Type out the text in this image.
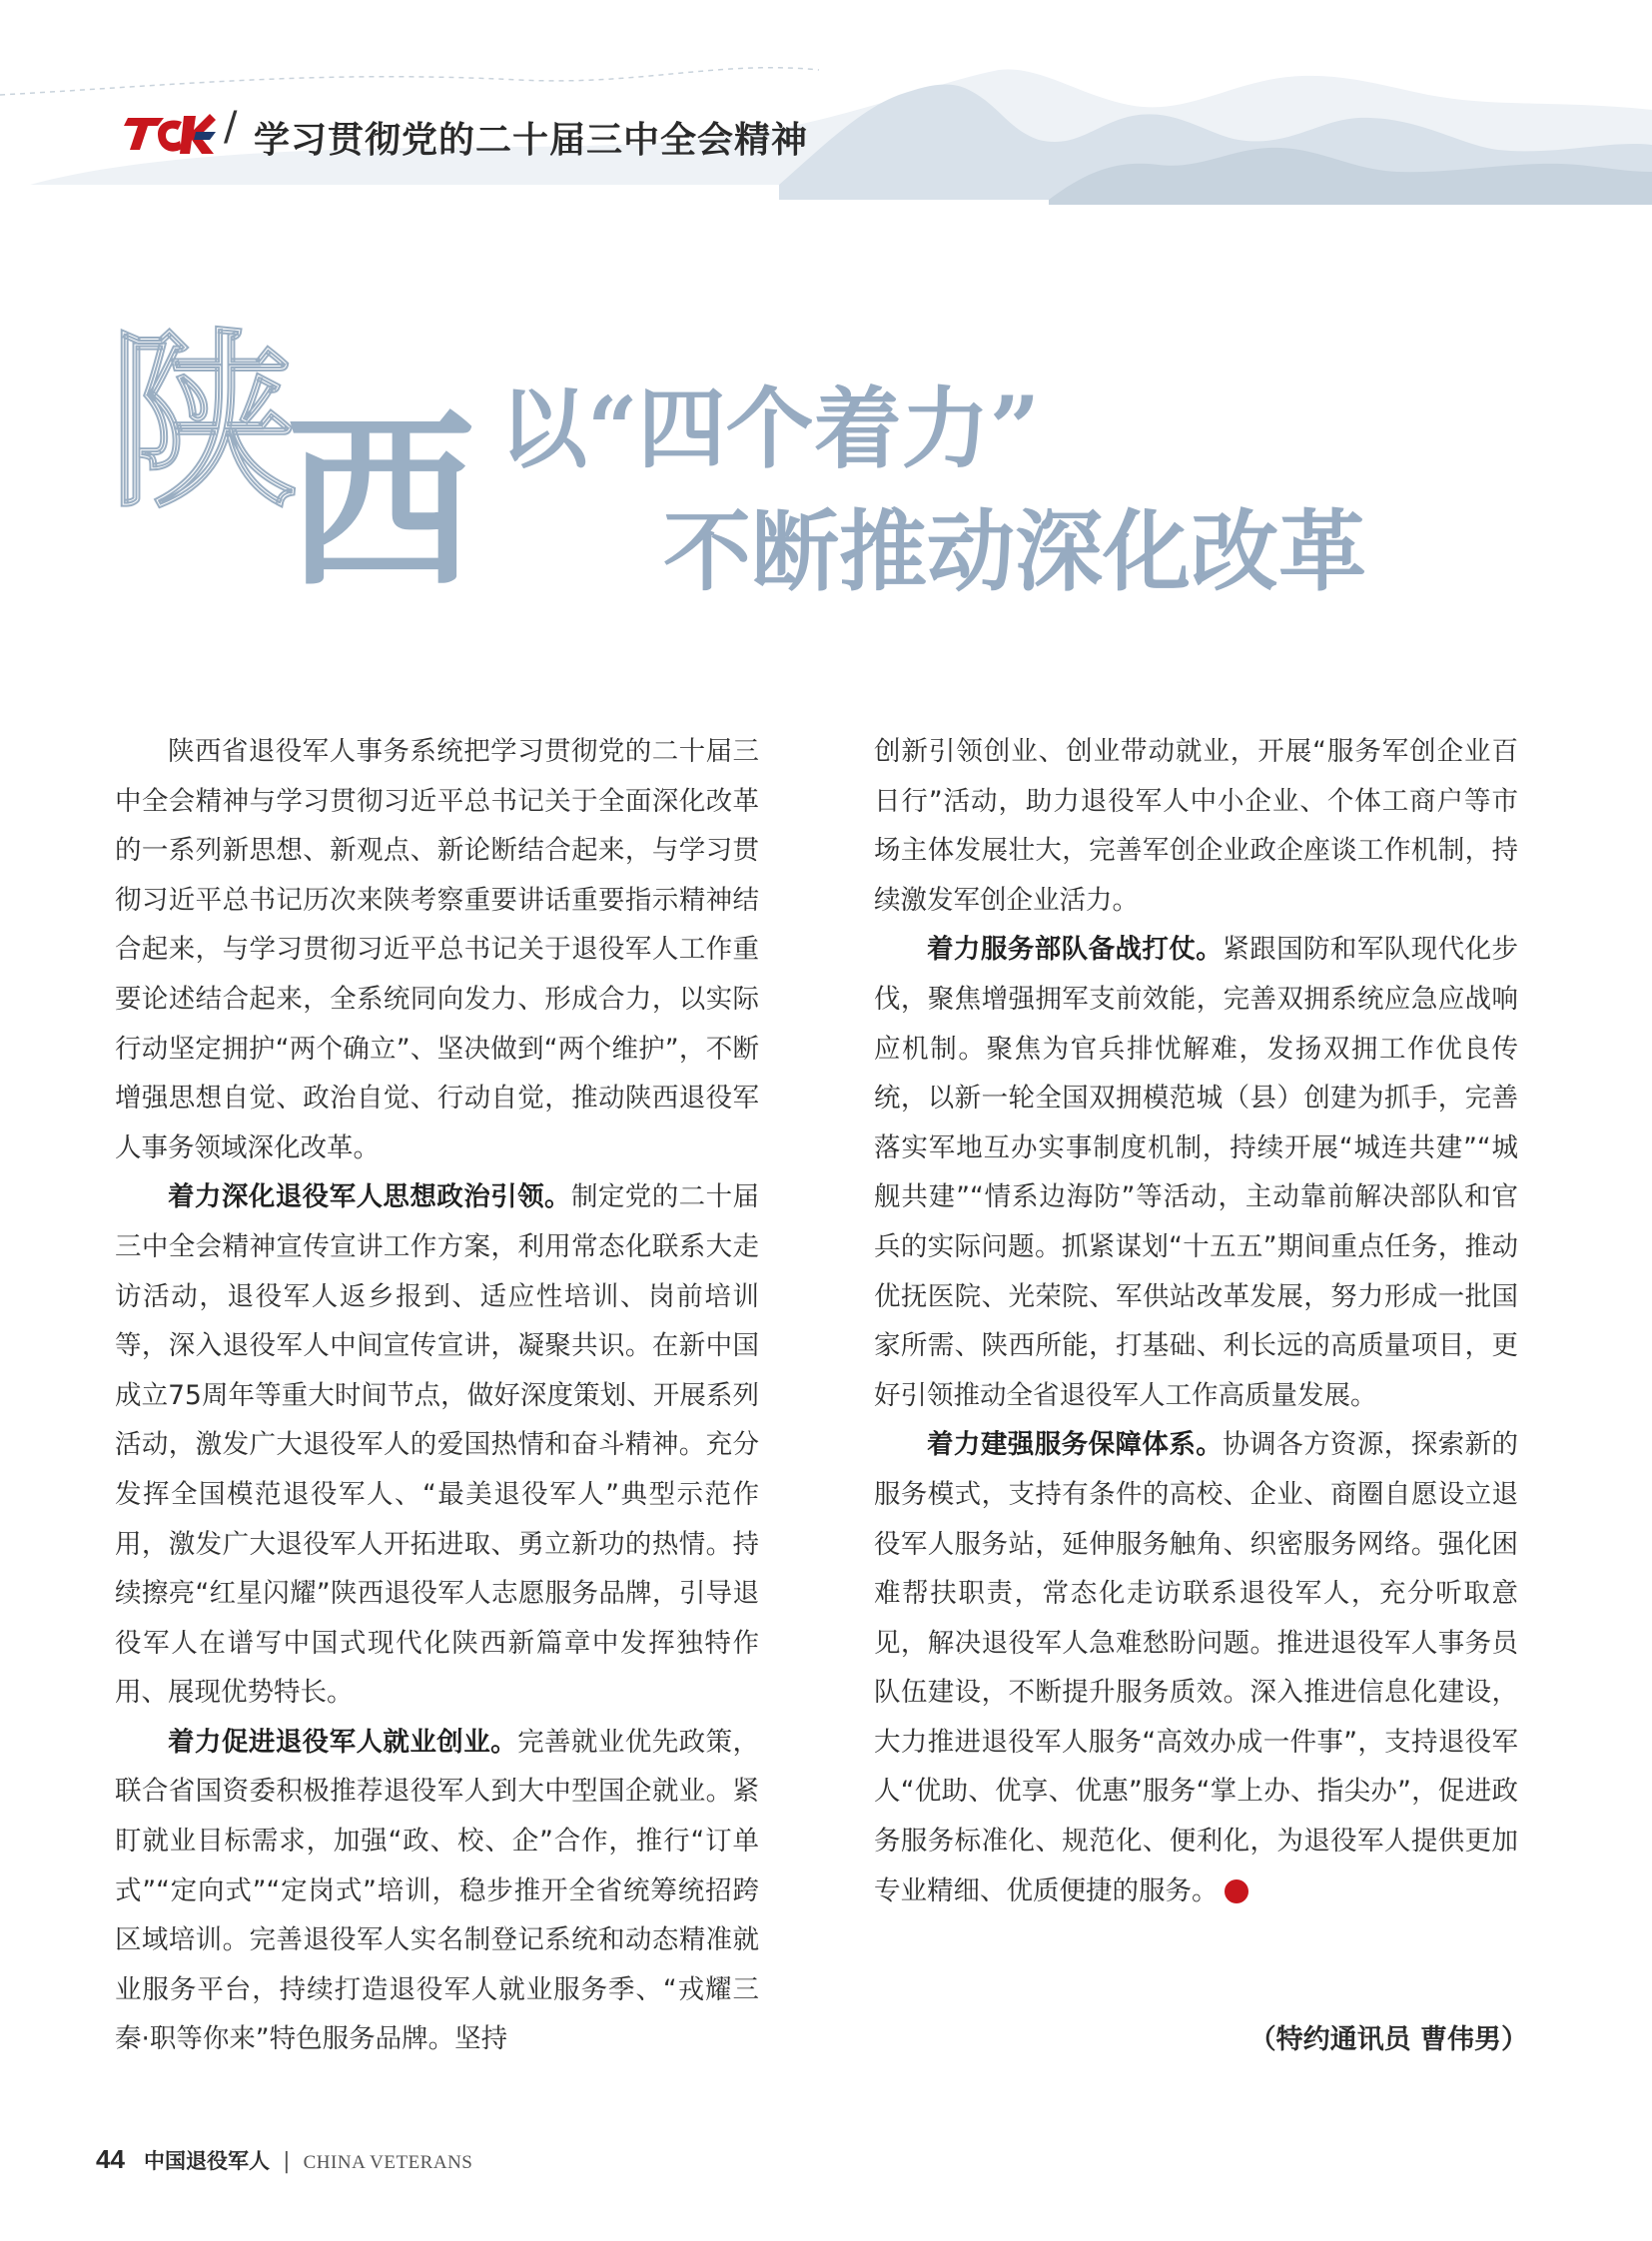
/ 学习贯彻党的二十届三中全会精神
陕
西 以“四个着力”
不断推动深化改革

陕西省退役军人事务系统把学习贯彻党的二十届三中全会精神与学习贯彻习近平总书记关于全面深化改革的一系列新思想、新观点、新论断结合起来，与学习贯彻习近平总书记历次来陕考察重要讲话重要指示精神结合起来，与学习贯彻习近平总书记关于退役军人工作重要论述结合起来，全系统同向发力、形成合力，以实际行动坚定拥护“两个确立”、坚决做到“两个维护”，不断增强思想自觉、政治自觉、行动自觉，推动陕西退役军人事务领域深化改革。

着力深化退役军人思想政治引领。制定党的二十届三中全会精神宣传宣讲工作方案，利用常态化联系大走访活动，退役军人返乡报到、适应性培训、岗前培训等，深入退役军人中间宣传宣讲，凝聚共识。在新中国成立75周年等重大时间节点，做好深度策划、开展系列活动，激发广大退役军人的爱国热情和奋斗精神。充分发挥全国模范退役军人、“最美退役军人”典型示范作用，激发广大退役军人开拓进取、勇立新功的热情。持续擦亮“红星闪耀”陕西退役军人志愿服务品牌，引导退役军人在谱写中国式现代化陕西新篇章中发挥独特作用、展现优势特长。

着力促进退役军人就业创业。完善就业优先政策，联合省国资委积极推荐退役军人到大中型国企就业。紧盯就业目标需求，加强“政、校、企”合作，推行“订单式”“定向式”“定岗式”培训，稳步推开全省统筹统招跨区域培训。完善退役军人实名制登记系统和动态精准就业服务平台，持续打造退役军人就业服务季、“戎耀三秦·职等你来”特色服务品牌。坚持

创新引领创业、创业带动就业，开展“服务军创企业百日行”活动，助力退役军人中小企业、个体工商户等市场主体发展壮大，完善军创企业政企座谈工作机制，持续激发军创企业活力。

着力服务部队备战打仗。紧跟国防和军队现代化步伐，聚焦增强拥军支前效能，完善双拥系统应急应战响应机制。聚焦为官兵排忧解难，发扬双拥工作优良传统，以新一轮全国双拥模范城（县）创建为抓手，完善落实军地互办实事制度机制，持续开展“城连共建”“城舰共建”“情系边海防”等活动，主动靠前解决部队和官兵的实际问题。抓紧谋划“十五五”期间重点任务，推动优抚医院、光荣院、军供站改革发展，努力形成一批国家所需、陕西所能，打基础、利长远的高质量项目，更好引领推动全省退役军人工作高质量发展。

着力建强服务保障体系。协调各方资源，探索新的服务模式，支持有条件的高校、企业、商圈自愿设立退役军人服务站，延伸服务触角、织密服务网络。强化困难帮扶职责，常态化走访联系退役军人，充分听取意见，解决退役军人急难愁盼问题。推进退役军人事务员队伍建设，不断提升服务质效。深入推进信息化建设，大力推进退役军人服务“高效办成一件事”，支持退役军人“优助、优享、优惠”服务“掌上办、指尖办”，促进政务服务标准化、规范化、便利化，为退役军人提供更加专业精细、优质便捷的服务。	V

（特约通讯员 曹伟男）
44 中国退役军人 | CHINA VETERANS
